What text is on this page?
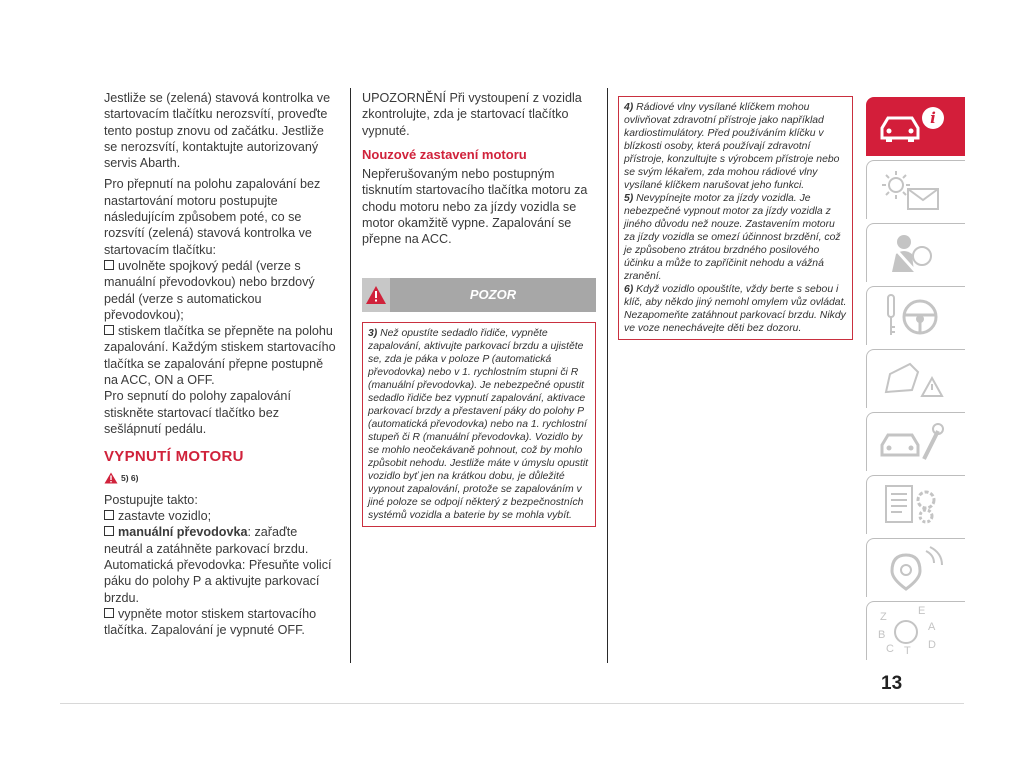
Jestliže se (zelená) stavová kontrolka ve startovacím tlačítku nerozsvítí, proveďte tento postup znovu od začátku. Jestliže se nerozsvítí, kontaktujte autorizovaný servis Abarth.

Pro přepnutí na polohu zapalování bez nastartování motoru postupujte následujícím způsobem poté, co se rozsvítí (zelená) stavová kontrolka ve startovacím tlačítku:

uvolněte spojkový pedál (verze s manuální převodovkou) nebo brzdový pedál (verze s automatickou převodovkou);
stiskem tlačítka se přepněte na polohu zapalování. Každým stiskem startovacího tlačítka se zapalování přepne postupně na ACC, ON a OFF.

Pro sepnutí do polohy zapalování stiskněte startovací tlačítko bez sešlápnutí pedálu.

VYPNUTÍ MOTORU
5) 6)
Postupujte takto:
zastavte vozidlo;
manuální převodovka: zařaďte neutrál a zatáhněte parkovací brzdu. Automatická převodovka: Přesuňte volicí páku do polohy P a aktivujte parkovací brzdu.
vypněte motor stiskem startovacího tlačítka. Zapalování je vypnuté OFF.

UPOZORNĚNÍ Při vystoupení z vozidla zkontrolujte, zda je startovací tlačítko vypnuté.

Nouzové zastavení motoru

Nepřerušovaným nebo postupným tisknutím startovacího tlačítka motoru za chodu motoru nebo za jízdy vozidla se motor okamžitě vypne. Zapalování se přepne na ACC.

POZOR

3) Než opustíte sedadlo řidiče, vypněte zapalování, aktivujte parkovací brzdu a ujistěte se, zda je páka v poloze P (automatická převodovka) nebo v 1. rychlostním stupni či R (manuální převodovka). Je nebezpečné opustit sedadlo řidiče bez vypnutí zapalování, aktivace parkovací brzdy a přestavení páky do polohy P (automatická převodovka) nebo na 1. rychlostní stupeň či R (manuální převodovka). Vozidlo by se mohlo neočekávaně pohnout, což by mohlo způsobit nehodu. Jestliže máte v úmyslu opustit vozidlo byť jen na krátkou dobu, je důležité vypnout zapalování, protože se zapalováním v jiné poloze se odpojí některý z bezpečnostních systémů vozidla a baterie by se mohla vybít.

4) Rádiové vlny vysílané klíčkem mohou ovlivňovat zdravotní přístroje jako například kardiostimulátory. Před používáním klíčku v blízkosti osoby, která používají zdravotní přístroje, konzultujte s výrobcem přístroje nebo se svým lékařem, zda mohou rádiové vlny vysílané klíčkem narušovat jeho funkci.

5) Nevypínejte motor za jízdy vozidla. Je nebezpečné vypnout motor za jízdy vozidla z jiného důvodu než nouze. Zastavením motoru za jízdy vozidla se omezí účinnost brzdění, což je způsobeno ztrátou brzdného posilového účinku a může to zapříčinit nehodu a vážná zranění.

6) Když vozidlo opouštíte, vždy berte s sebou i klíč, aby někdo jiný nemohl omylem vůz ovládat. Nezapomeňte zatáhnout parkovací brzdu. Nikdy ve voze nenechávejte děti bez dozoru.

i
Z	E
B
A
C	D
T
13
